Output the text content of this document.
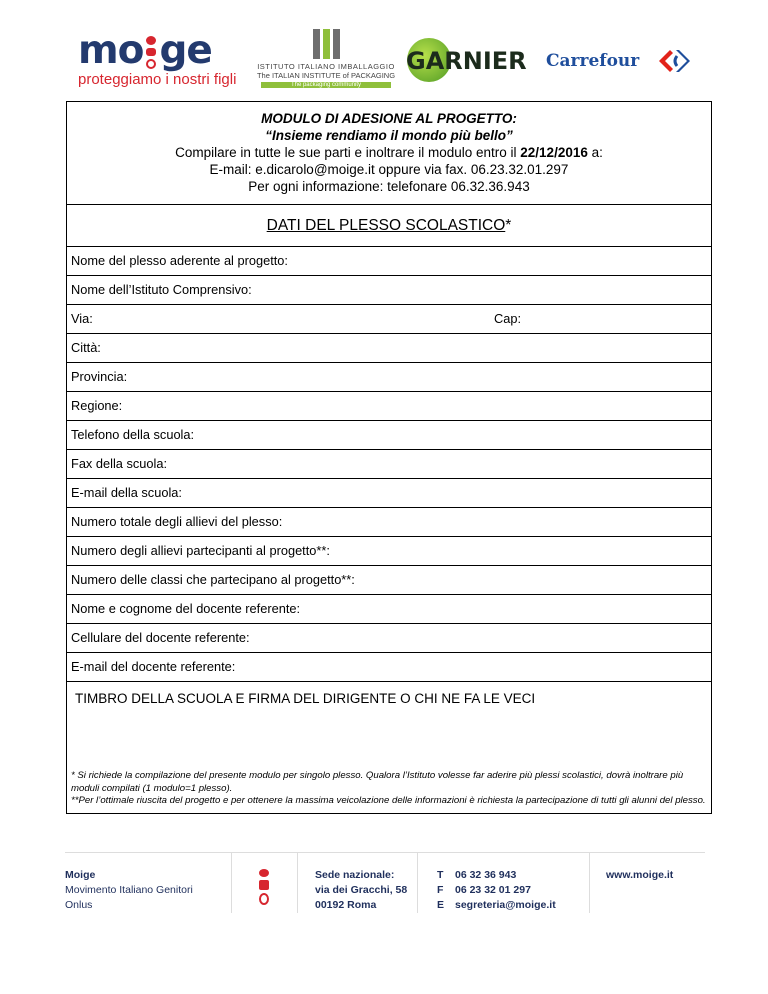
mo ge
proteggiamo i nostri figli
ISTITUTO ITALIANO IMBALLAGGIO
The ITALIAN INSTITUTE of PACKAGING
The packaging community
GARNIER Carrefour
MODULO DI ADESIONE AL PROGETTO:
“Insieme rendiamo il mondo più bello”
Compilare in tutte le sue parti e inoltrare il modulo entro il 22/12/2016 a:
E-mail: e.dicarolo@moige.it oppure via fax. 06.23.32.01.297
Per ogni informazione: telefonare 06.32.36.943
DATI DEL PLESSO SCOLASTICO*
Nome del plesso aderente al progetto:
Nome dell’Istituto Comprensivo:
Via:	Cap:
Città:
Provincia:
Regione:
Telefono della scuola:
Fax della scuola:
E-mail della scuola:
Numero totale degli allievi del plesso:
Numero degli allievi partecipanti al progetto**:
Numero delle classi che partecipano al progetto**:
Nome e cognome del docente referente:
Cellulare del docente referente:
E-mail del docente referente:
TIMBRO DELLA SCUOLA E FIRMA DEL DIRIGENTE O CHI NE FA LE VECI
* Si richiede la compilazione del presente modulo per singolo plesso. Qualora l’Istituto volesse far aderire più plessi scolastici, dovrà inoltrare più moduli compilati (1 modulo=1 plesso).
**Per l’ottimale riuscita del progetto e per ottenere la massima veicolazione delle informazioni è richiesta la partecipazione di tutti gli alunni del plesso.
Moige
Movimento Italiano Genitori
Onlus
Sede nazionale:
via dei Gracchi, 58
00192 Roma
T
F
E
06 32 36 943
06 23 32 01 297
segreteria@moige.it
www.moige.it
